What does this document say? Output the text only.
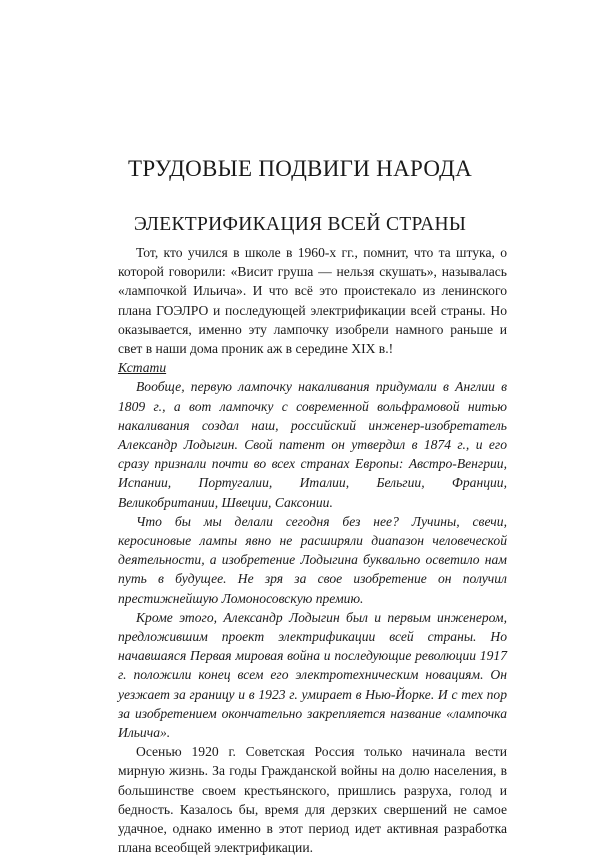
ТРУДОВЫЕ ПОДВИГИ НАРОДА
ЭЛЕКТРИФИКАЦИЯ ВСЕЙ СТРАНЫ

Тот, кто учился в школе в 1960-х гг., помнит, что та штука, о которой говорили: «Висит груша — нельзя скушать», называлась «лампочкой Ильича». И что всё это проистекало из ленинского плана ГОЭЛРО и последующей электрификации всей страны. Но оказывается, именно эту лампочку изобрели намного раньше и свет в наши дома проник аж в середине XIX в.!

Кстати

Вообще, первую лампочку накаливания придумали в Англии в 1809 г., а вот лампочку с современной вольфрамовой нитью накаливания создал наш, российский инженер-изобретатель Александр Лодыгин. Свой патент он утвердил в 1874 г., и его сразу признали почти во всех странах Европы: Австро-Венгрии, Испании, Португалии, Италии, Бельгии, Франции, Великобритании, Швеции, Саксонии.

Что бы мы делали сегодня без нее? Лучины, свечи, керосиновые лампы явно не расширяли диапазон человеческой деятельности, а изобретение Лодыгина буквально осветило нам путь в будущее. Не зря за свое изобретение он получил престижнейшую Ломоносовскую премию.

Кроме этого, Александр Лодыгин был и первым инженером, предложившим проект электрификации всей страны. Но начавшаяся Первая мировая война и последующие революции 1917 г. положили конец всем его электротехническим новациям. Он уезжает за границу и в 1923 г. умирает в Нью-Йорке. И с тех пор за изобретением окончательно закрепляется название «лампочка Ильича».

Осенью 1920 г. Советская Россия только начинала вести мирную жизнь. За годы Гражданской войны на долю населения, в большинстве своем крестьянского, пришлись разруха, голод и бедность. Казалось бы, время для дерзких свершений не самое удачное, однако именно в этот период идет активная разработка плана всеобщей электрификации.
